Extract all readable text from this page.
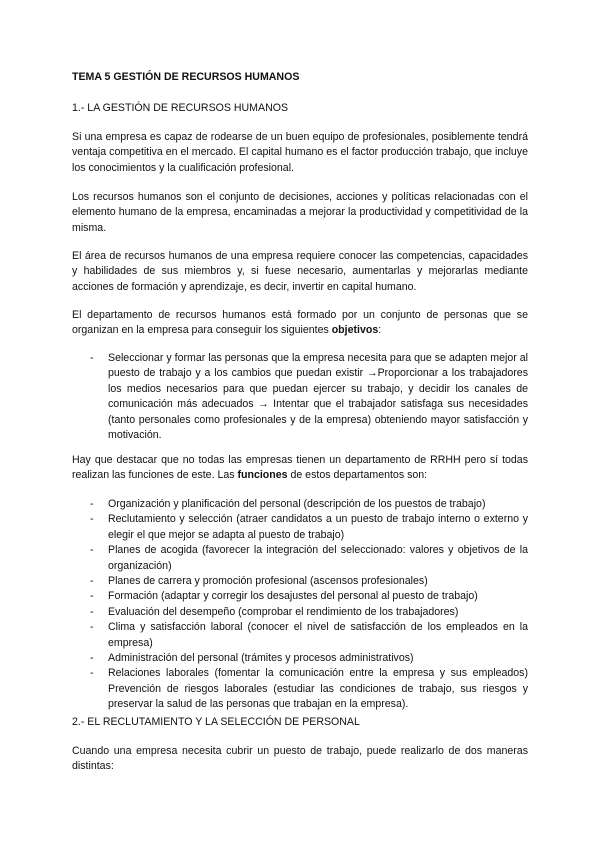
TEMA 5 GESTIÓN DE RECURSOS HUMANOS

1.- LA GESTIÓN DE RECURSOS HUMANOS

Si una empresa es capaz de rodearse de un buen equipo de profesionales, posiblemente tendrá ventaja competitiva en el mercado. El capital humano es el factor producción trabajo, que incluye los conocimientos y la cualificación profesional.

Los recursos humanos son el conjunto de decisiones, acciones y políticas relacionadas con el elemento humano de la empresa, encaminadas a mejorar la productividad y competitividad de la misma.

El área de recursos humanos de una empresa requiere conocer las competencias, capacidades y habilidades de sus miembros y, si fuese necesario, aumentarlas y mejorarlas mediante acciones de formación y aprendizaje, es decir, invertir en capital humano.

El departamento de recursos humanos está formado por un conjunto de personas que se organizan en la empresa para conseguir los siguientes objetivos:

- Seleccionar y formar las personas que la empresa necesita para que se adapten mejor al puesto de trabajo y a los cambios que puedan existir →Proporcionar a los trabajadores los medios necesarios para que puedan ejercer su trabajo, y decidir los canales de comunicación más adecuados → Intentar que el trabajador satisfaga sus necesidades (tanto personales como profesionales y de la empresa) obteniendo mayor satisfacción y motivación.

Hay que destacar que no todas las empresas tienen un departamento de RRHH pero sí todas realizan las funciones de este. Las funciones de estos departamentos son:

- Organización y planificación del personal (descripción de los puestos de trabajo)
- Reclutamiento y selección (atraer candidatos a un puesto de trabajo interno o externo y elegir el que mejor se adapta al puesto de trabajo)
- Planes de acogida (favorecer la integración del seleccionado: valores y objetivos de la organización)
- Planes de carrera y promoción profesional (ascensos profesionales)
- Formación (adaptar y corregir los desajustes del personal al puesto de trabajo)
- Evaluación del desempeño (comprobar el rendimiento de los trabajadores)
- Clima y satisfacción laboral (conocer el nivel de satisfacción de los empleados en la empresa)
- Administración del personal (trámites y procesos administrativos)
- Relaciones laborales (fomentar la comunicación entre la empresa y sus empleados) Prevención de riesgos laborales (estudiar las condiciones de trabajo, sus riesgos y preservar la salud de las personas que trabajan en la empresa).

2.- EL RECLUTAMIENTO Y LA SELECCIÓN DE PERSONAL

Cuando una empresa necesita cubrir un puesto de trabajo, puede realizarlo de dos maneras distintas:
